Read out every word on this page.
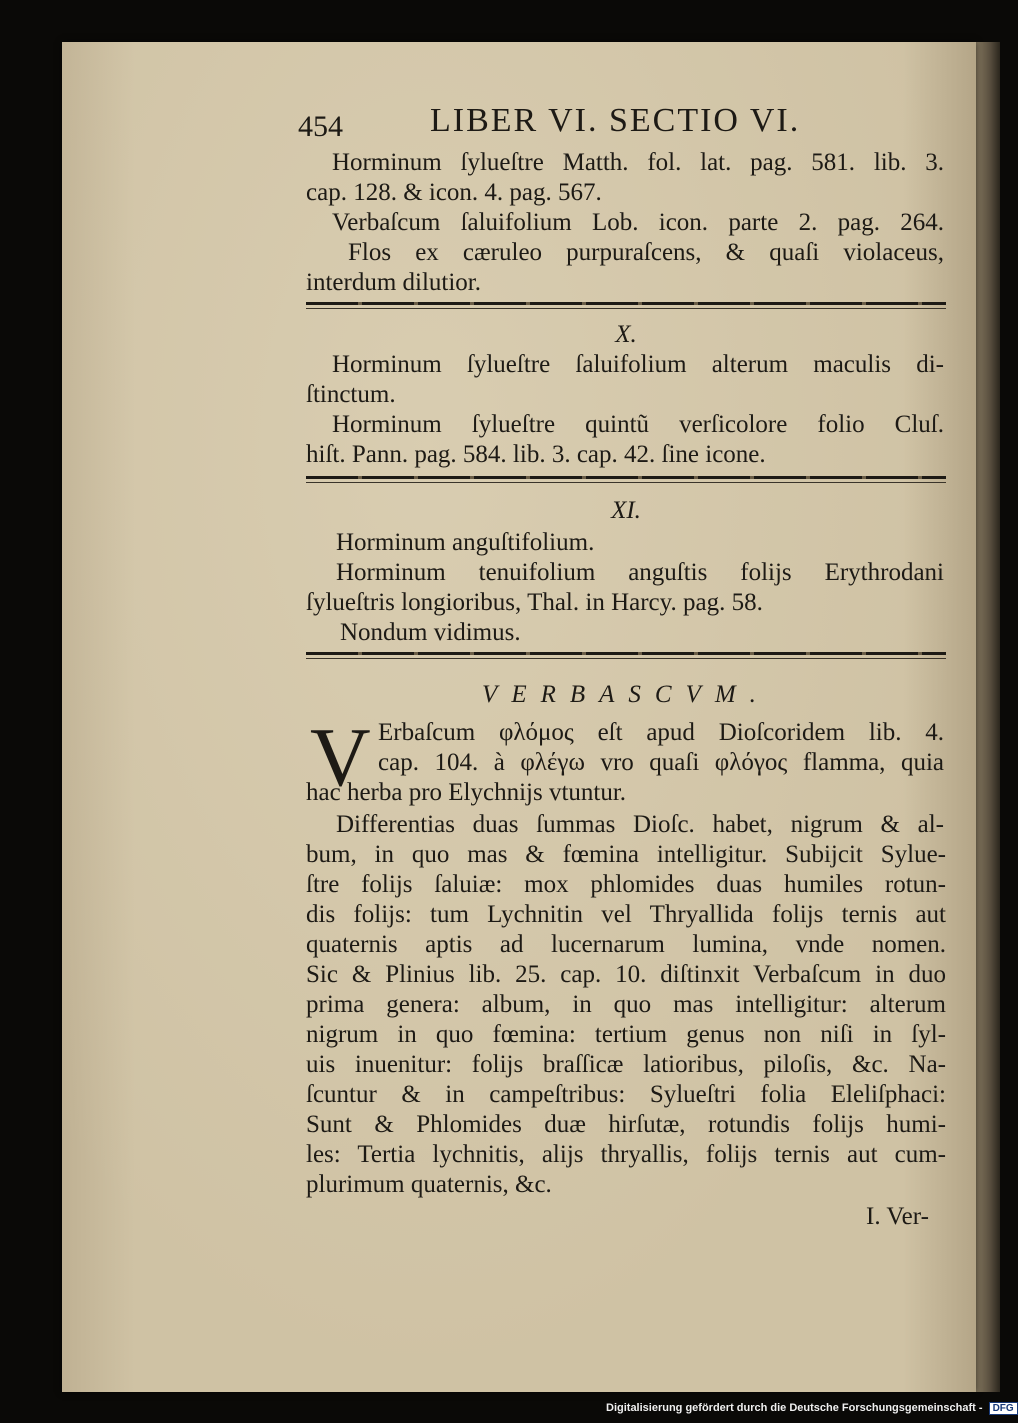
454	LIBER VI. SECTIO VI.
Horminum ſylueſtre Matth. fol. lat. pag. 581. lib. 3.
cap. 128. & icon. 4. pag. 567.
Verbaſcum ſaluifolium Lob. icon. parte 2. pag. 264.
Flos ex cæruleo purpuraſcens, & quaſi violaceus,
interdum dilutior.
X.
Horminum ſylueſtre ſaluifolium alterum maculis di-
ſtinctum.
Horminum ſylueſtre quintũ verſicolore folio Cluſ.
hiſt. Pann. pag. 584. lib. 3. cap. 42. ſine icone.
XI.
Horminum anguſtifolium.
Horminum tenuifolium anguſtis folijs Erythrodani
ſylueſtris longioribus, Thal. in Harcy. pag. 58.
Nondum vidimus.
VERBASCVM.
V Erbaſcum φλόμος eſt apud Dioſcoridem lib. 4.
cap. 104. à φλέγω vro quaſi φλόγος flamma, quia
hac herba pro Elychnijs vtuntur.
Differentias duas ſummas Dioſc. habet, nigrum & al-
bum, in quo mas & fœmina intelligitur. Subijcit Sylue-
ſtre folijs ſaluiæ: mox phlomides duas humiles rotun-
dis folijs: tum Lychnitin vel Thryallida folijs ternis aut
quaternis aptis ad lucernarum lumina, vnde nomen.
Sic & Plinius lib. 25. cap. 10. diſtinxit Verbaſcum in duo
prima genera: album, in quo mas intelligitur: alterum
nigrum in quo fœmina: tertium genus non niſi in ſyl-
uis inuenitur: folijs braſſicæ latioribus, piloſis, &c. Na-
ſcuntur & in campeſtribus: Sylueſtri folia Eleliſphaci:
Sunt & Phlomides duæ hirſutæ, rotundis folijs humi-
les: Tertia lychnitis, alijs thryallis, folijs ternis aut cum-
plurimum quaternis, &c.
I. Ver-
Digitalisierung gefördert durch die Deutsche Forschungsgemeinschaft - DFG
